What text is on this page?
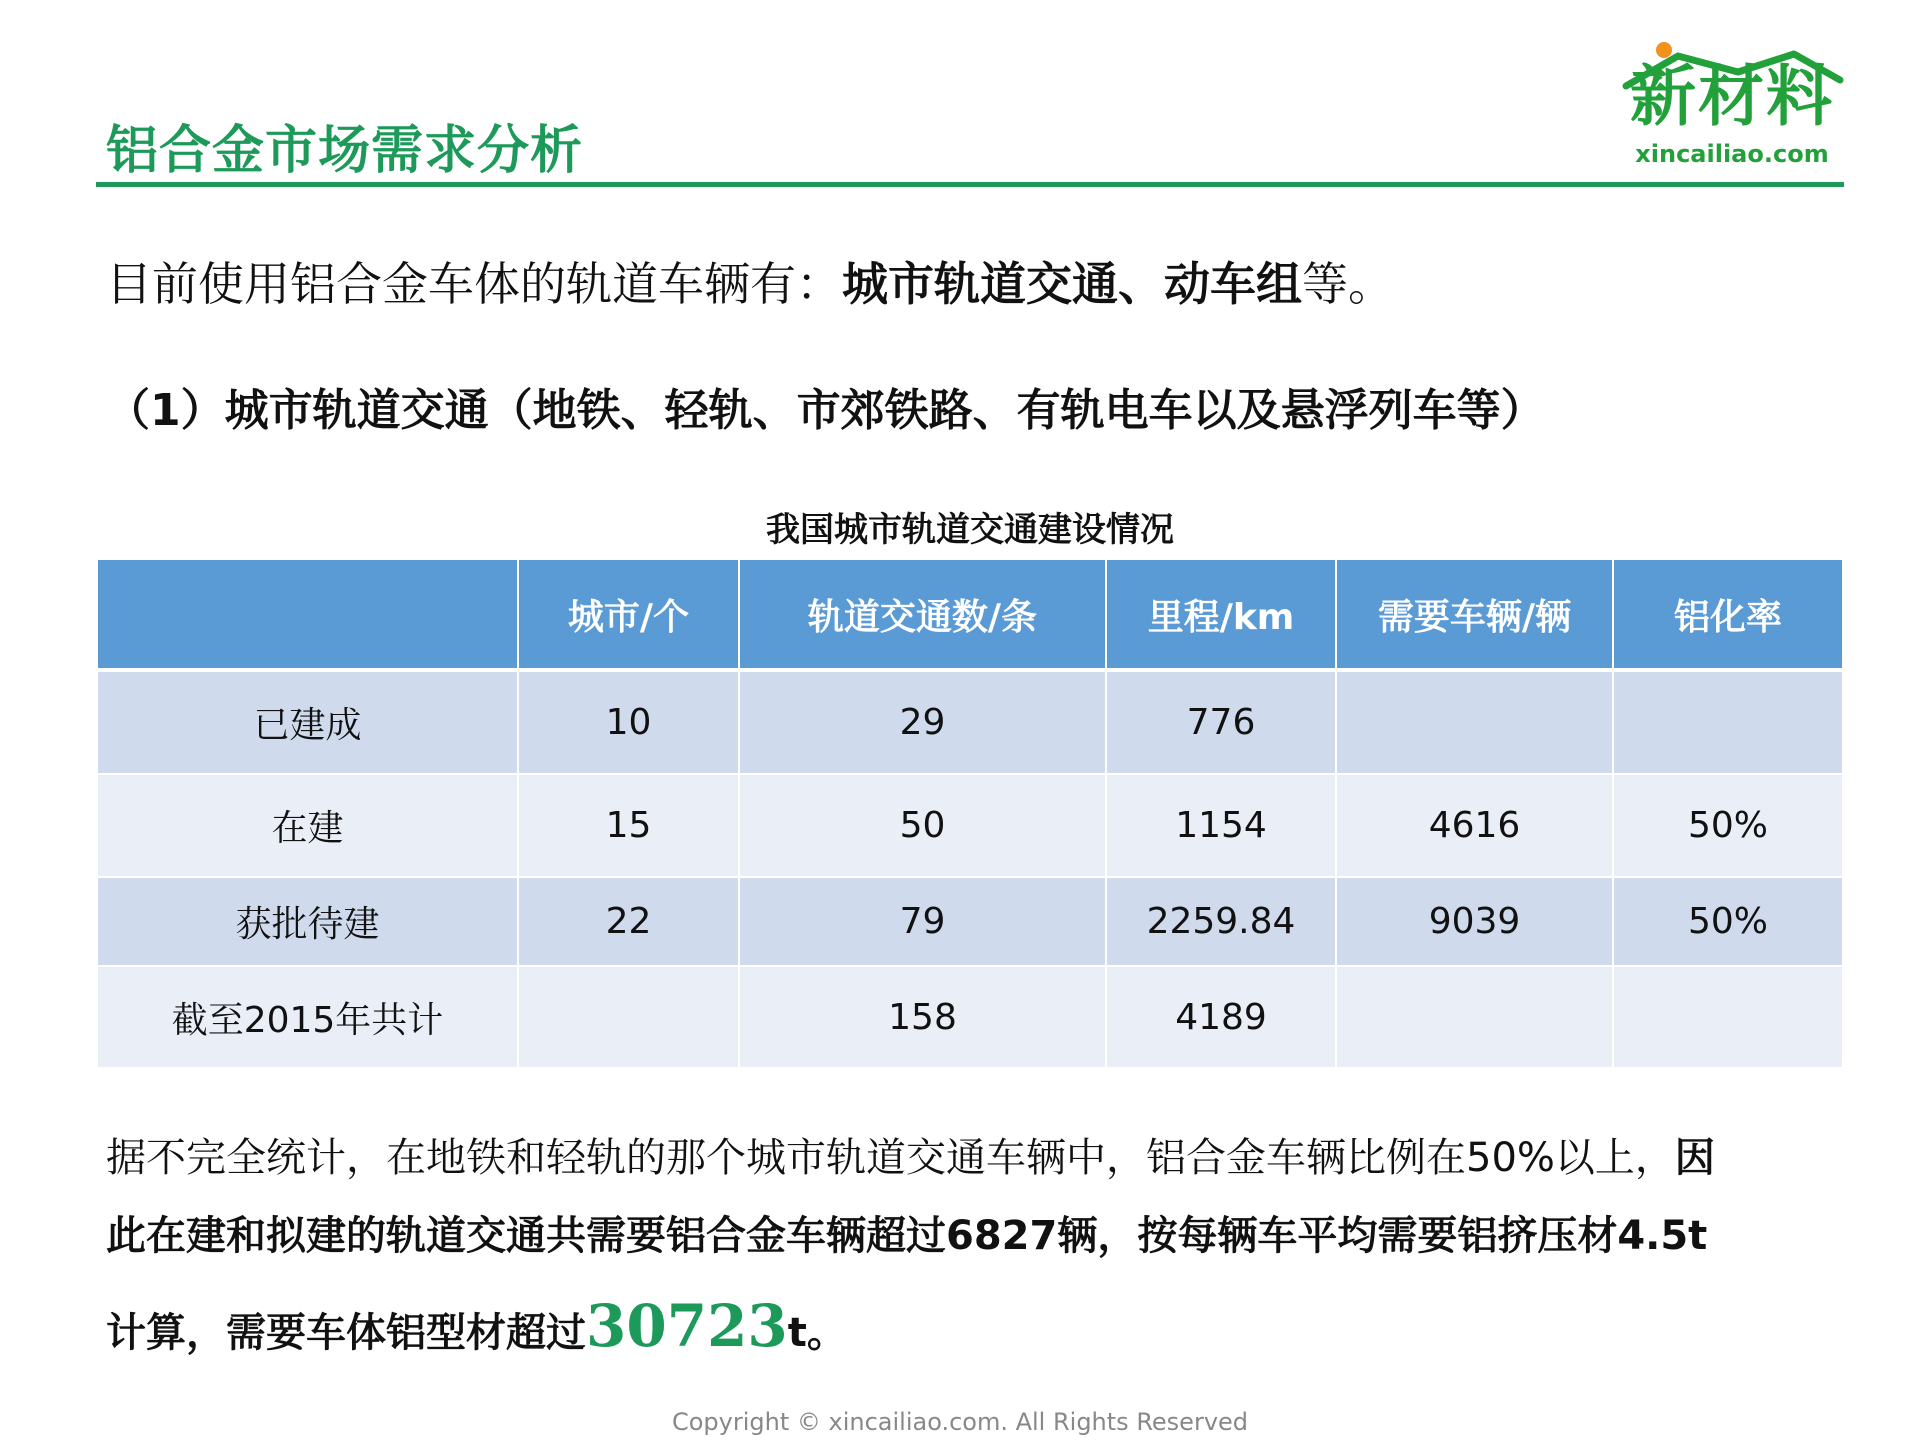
铝合金市场需求分析
新材料
xincailiao.com
目前使用铝合金车体的轨道车辆有：城市轨道交通、动车组等。
（1）城市轨道交通（地铁、轻轨、市郊铁路、有轨电车以及悬浮列车等）
我国城市轨道交通建设情况
	城市/个	轨道交通数/条	里程/km	需要车辆/辆	铝化率
已建成	10	29	776		
在建	15	50	1154	4616	50%
获批待建	22	79	2259.84	9039	50%
截至2015年共计		158	4189		
据不完全统计，在地铁和轻轨的那个城市轨道交通车辆中，铝合金车辆比例在50%以上，因
此在建和拟建的轨道交通共需要铝合金车辆超过6827辆，按每辆车平均需要铝挤压材4.5t
计算，需要车体铝型材超过30723t。
Copyright © xincailiao.com. All Rights Reserved
